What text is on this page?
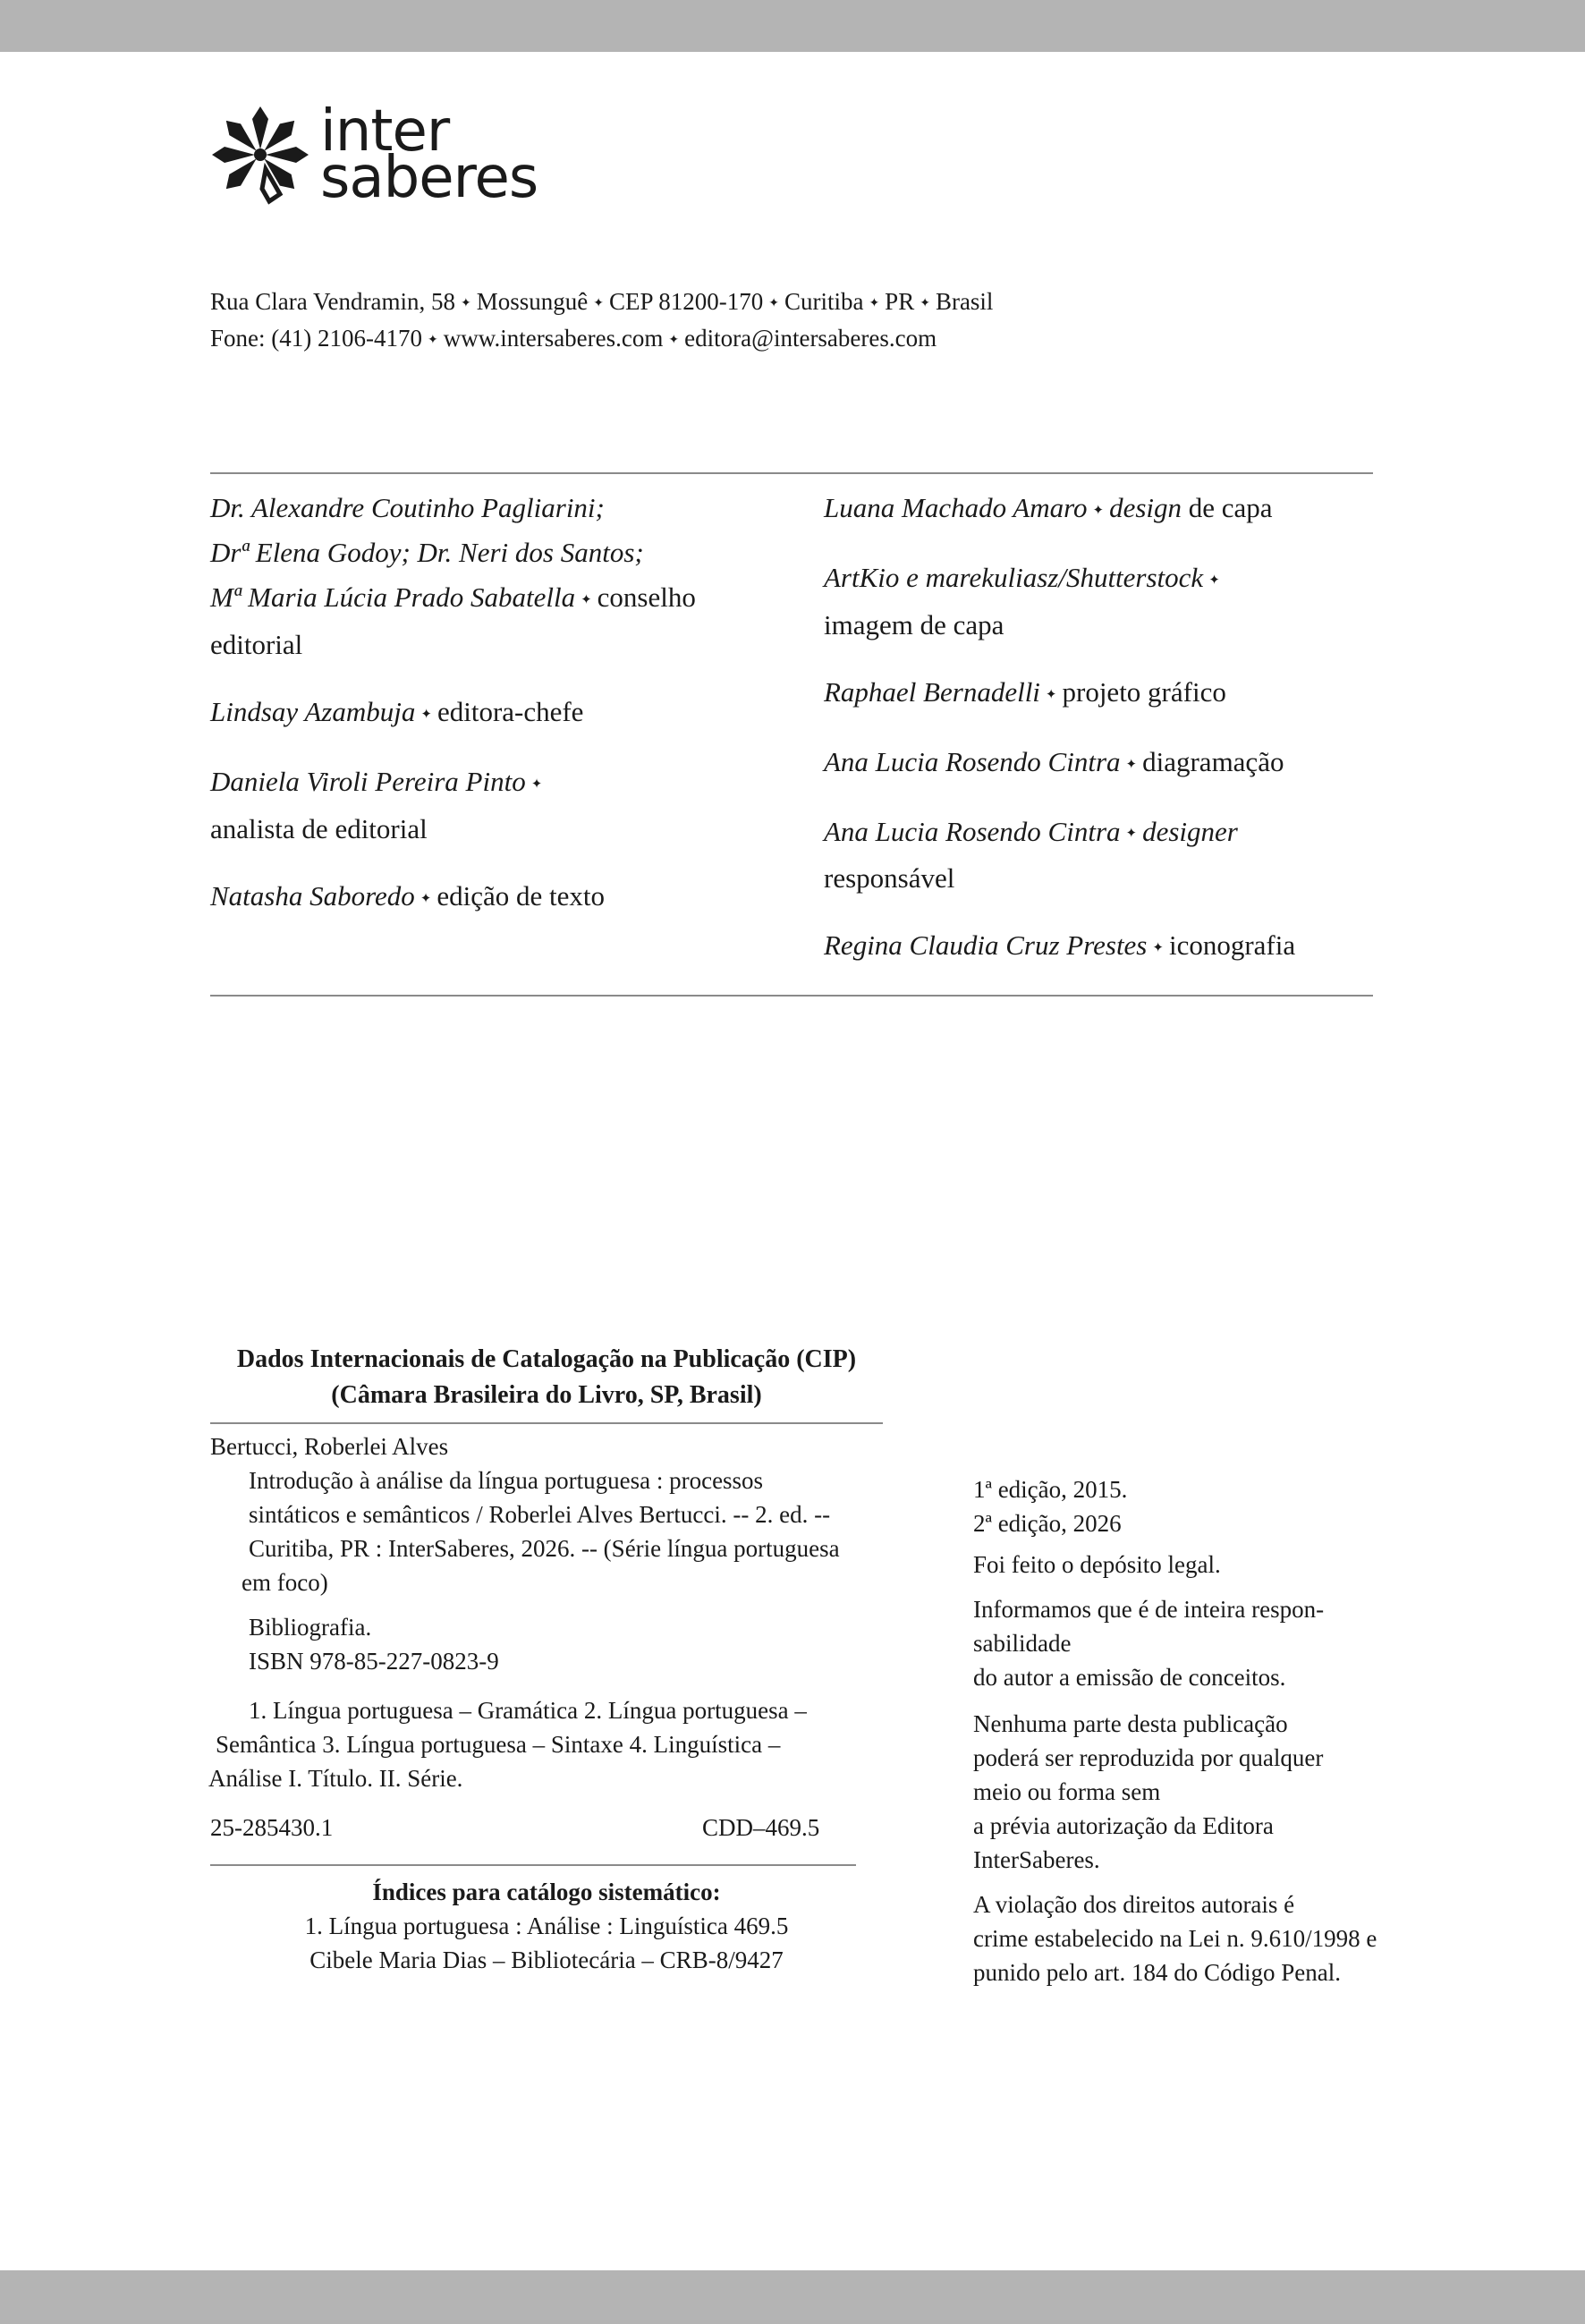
inter
saberes
Rua Clara Vendramin, 58 ✦ Mossunguê ✦ CEP 81200-170 ✦ Curitiba ✦ PR ✦ Brasil
Fone: (41) 2106-4170 ✦ www.intersaberes.com ✦ editora@intersaberes.com
Dr. Alexandre Coutinho Pagliarini;
Drª Elena Godoy; Dr. Neri dos Santos;
Mª Maria Lúcia Prado Sabatella ✦ conselho
editorial
Lindsay Azambuja ✦ editora-chefe
Daniela Viroli Pereira Pinto ✦
analista de editorial
Natasha Saboredo ✦ edição de texto
Luana Machado Amaro ✦ design de capa
ArtKio e marekuliasz/Shutterstock ✦
imagem de capa
Raphael Bernadelli ✦ projeto gráfico
Ana Lucia Rosendo Cintra ✦ diagramação
Ana Lucia Rosendo Cintra ✦ designer
responsável
Regina Claudia Cruz Prestes ✦ iconografia
Dados Internacionais de Catalogação na Publicação (CIP)
(Câmara Brasileira do Livro, SP, Brasil)
Bertucci, Roberlei Alves
Introdução à análise da língua portuguesa : processos
sintáticos e semânticos / Roberlei Alves Bertucci. -- 2. ed. --
Curitiba, PR : InterSaberes, 2026. -- (Série língua portuguesa
em foco)
Bibliografia.
ISBN 978-85-227-0823-9
1. Língua portuguesa – Gramática 2. Língua portuguesa –
Semântica 3. Língua portuguesa – Sintaxe 4. Linguística –
Análise I. Título. II. Série.
25-285430.1	CDD–469.5
Índices para catálogo sistemático:
1. Língua portuguesa : Análise : Linguística 469.5
Cibele Maria Dias – Bibliotecária – CRB-8/9427
1ª edição, 2015.
2ª edição, 2026
Foi feito o depósito legal.
Informamos que é de inteira respon-
sabilidade
do autor a emissão de conceitos.
Nenhuma parte desta publicação
poderá ser reproduzida por qualquer
meio ou forma sem
a prévia autorização da Editora
InterSaberes.
A violação dos direitos autorais é
crime estabelecido na Lei n. 9.610/1998 e
punido pelo art. 184 do Código Penal.
